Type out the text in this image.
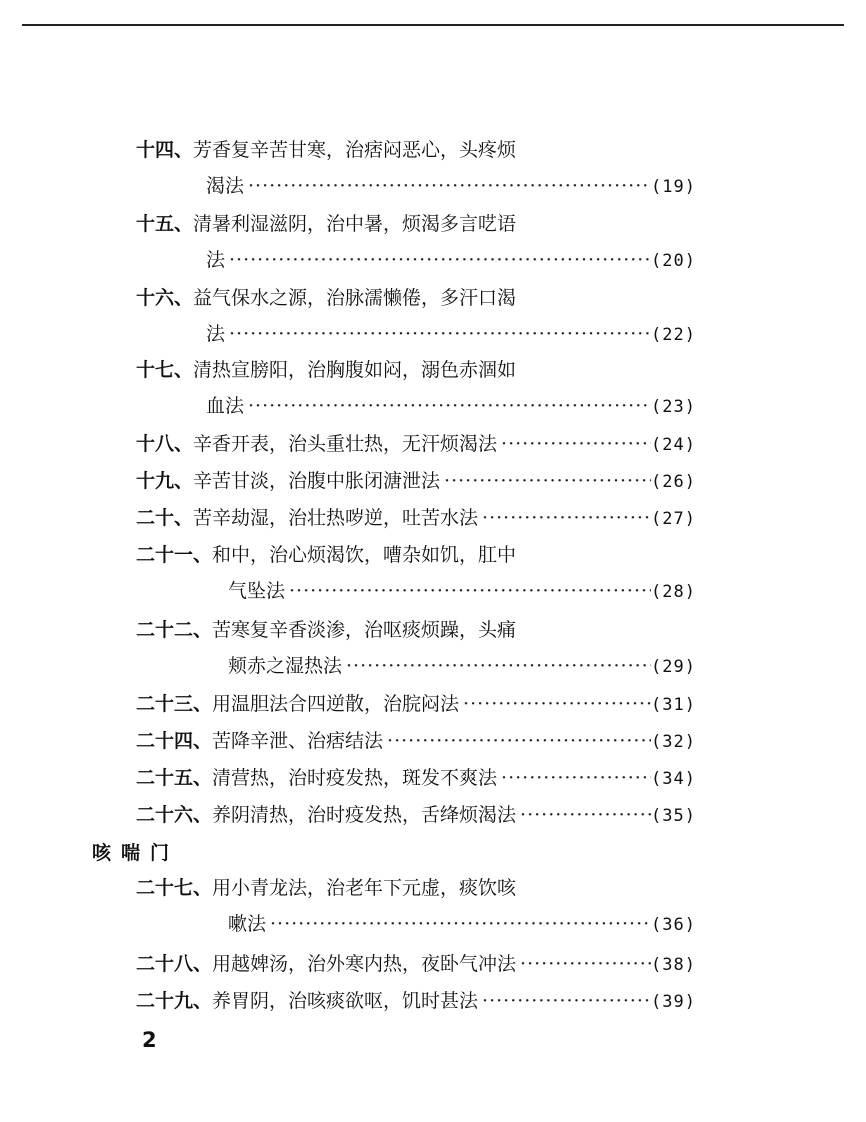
十四、 芳香复辛苦甘寒，治痞闷恶心，头疼烦
渴法 ·····	(19)
十五、 清暑利湿滋阴，治中暑，烦渴多言呓语
法 ·····	(20)
十六、 益气保水之源，治脉濡懒倦，多汗口渴
法 ·····	(22)
十七、 清热宣膀阳，治胸腹如闷，溺色赤涸如
血法 ·····	(23)
十八、 辛香开表，治头重壮热，无汗烦渴法 ·····	(24)
十九、 辛苦甘淡，治腹中胀闭溏泄法 ·····	(26)
二十、 苦辛劫湿，治壮热哕逆，吐苦水法 ·····	(27)
二十一、 和中，治心烦渴饮，嘈杂如饥，肛中
气坠法 ·····	(28)
二十二、 苦寒复辛香淡渗，治呕痰烦躁，头痛
颊赤之湿热法 ·····	(29)
二十三、 用温胆法合四逆散，治脘闷法 ·····	(31)
二十四、 苦降辛泄、治痞结法 ·····	(32)
二十五、 清营热，治时疫发热，斑发不爽法 ·····	(34)
二十六、 养阴清热，治时疫发热，舌绛烦渴法 ·····	(35)
咳喘门
二十七、 用小青龙法，治老年下元虚，痰饮咳
嗽法 ·····	(36)
二十八、 用越婢汤，治外寒内热，夜卧气冲法 ·····	(38)
二十九、 养胃阴，治咳痰欲呕，饥时甚法 ·····	(39)
2
